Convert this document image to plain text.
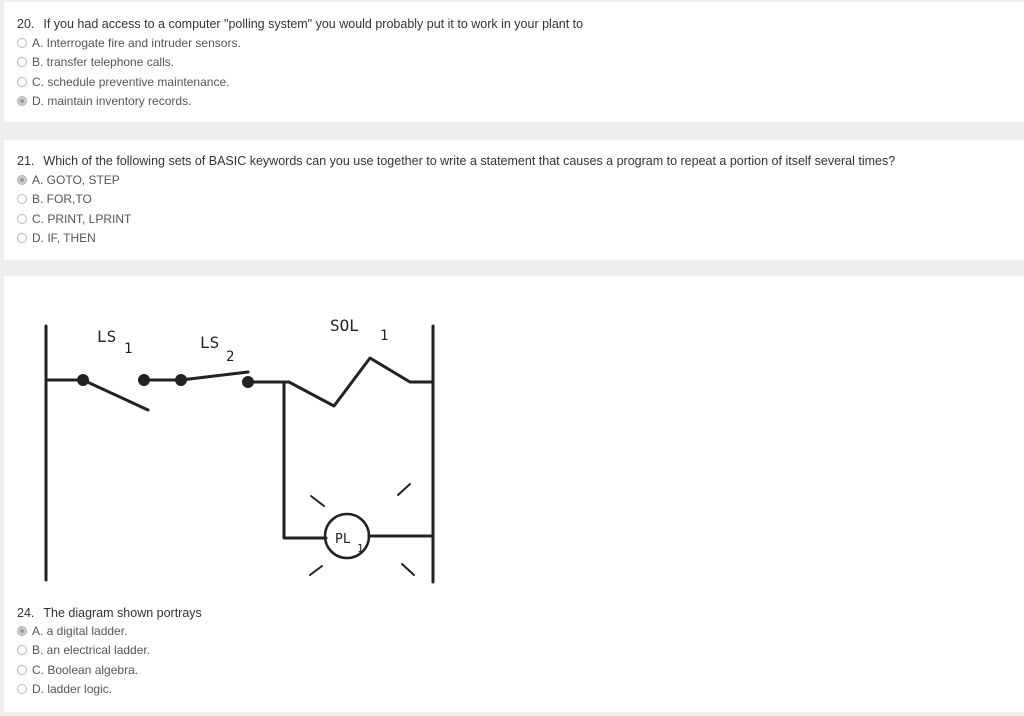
20. If you had access to a computer "polling system" you would probably put it to work in your plant to
A. Interrogate fire and intruder sensors.
B. transfer telephone calls.
C. schedule preventive maintenance.
D. maintain inventory records.
21. Which of the following sets of BASIC keywords can you use together to write a statement that causes a program to repeat a portion of itself several times?
A. GOTO, STEP
B. FOR,TO
C. PRINT, LPRINT
D. IF, THEN
LS
1	LS
2
SOL
1
PL
1
24. The diagram shown portrays
A. a digital ladder.
B. an electrical ladder.
C. Boolean algebra.
D. ladder logic.
